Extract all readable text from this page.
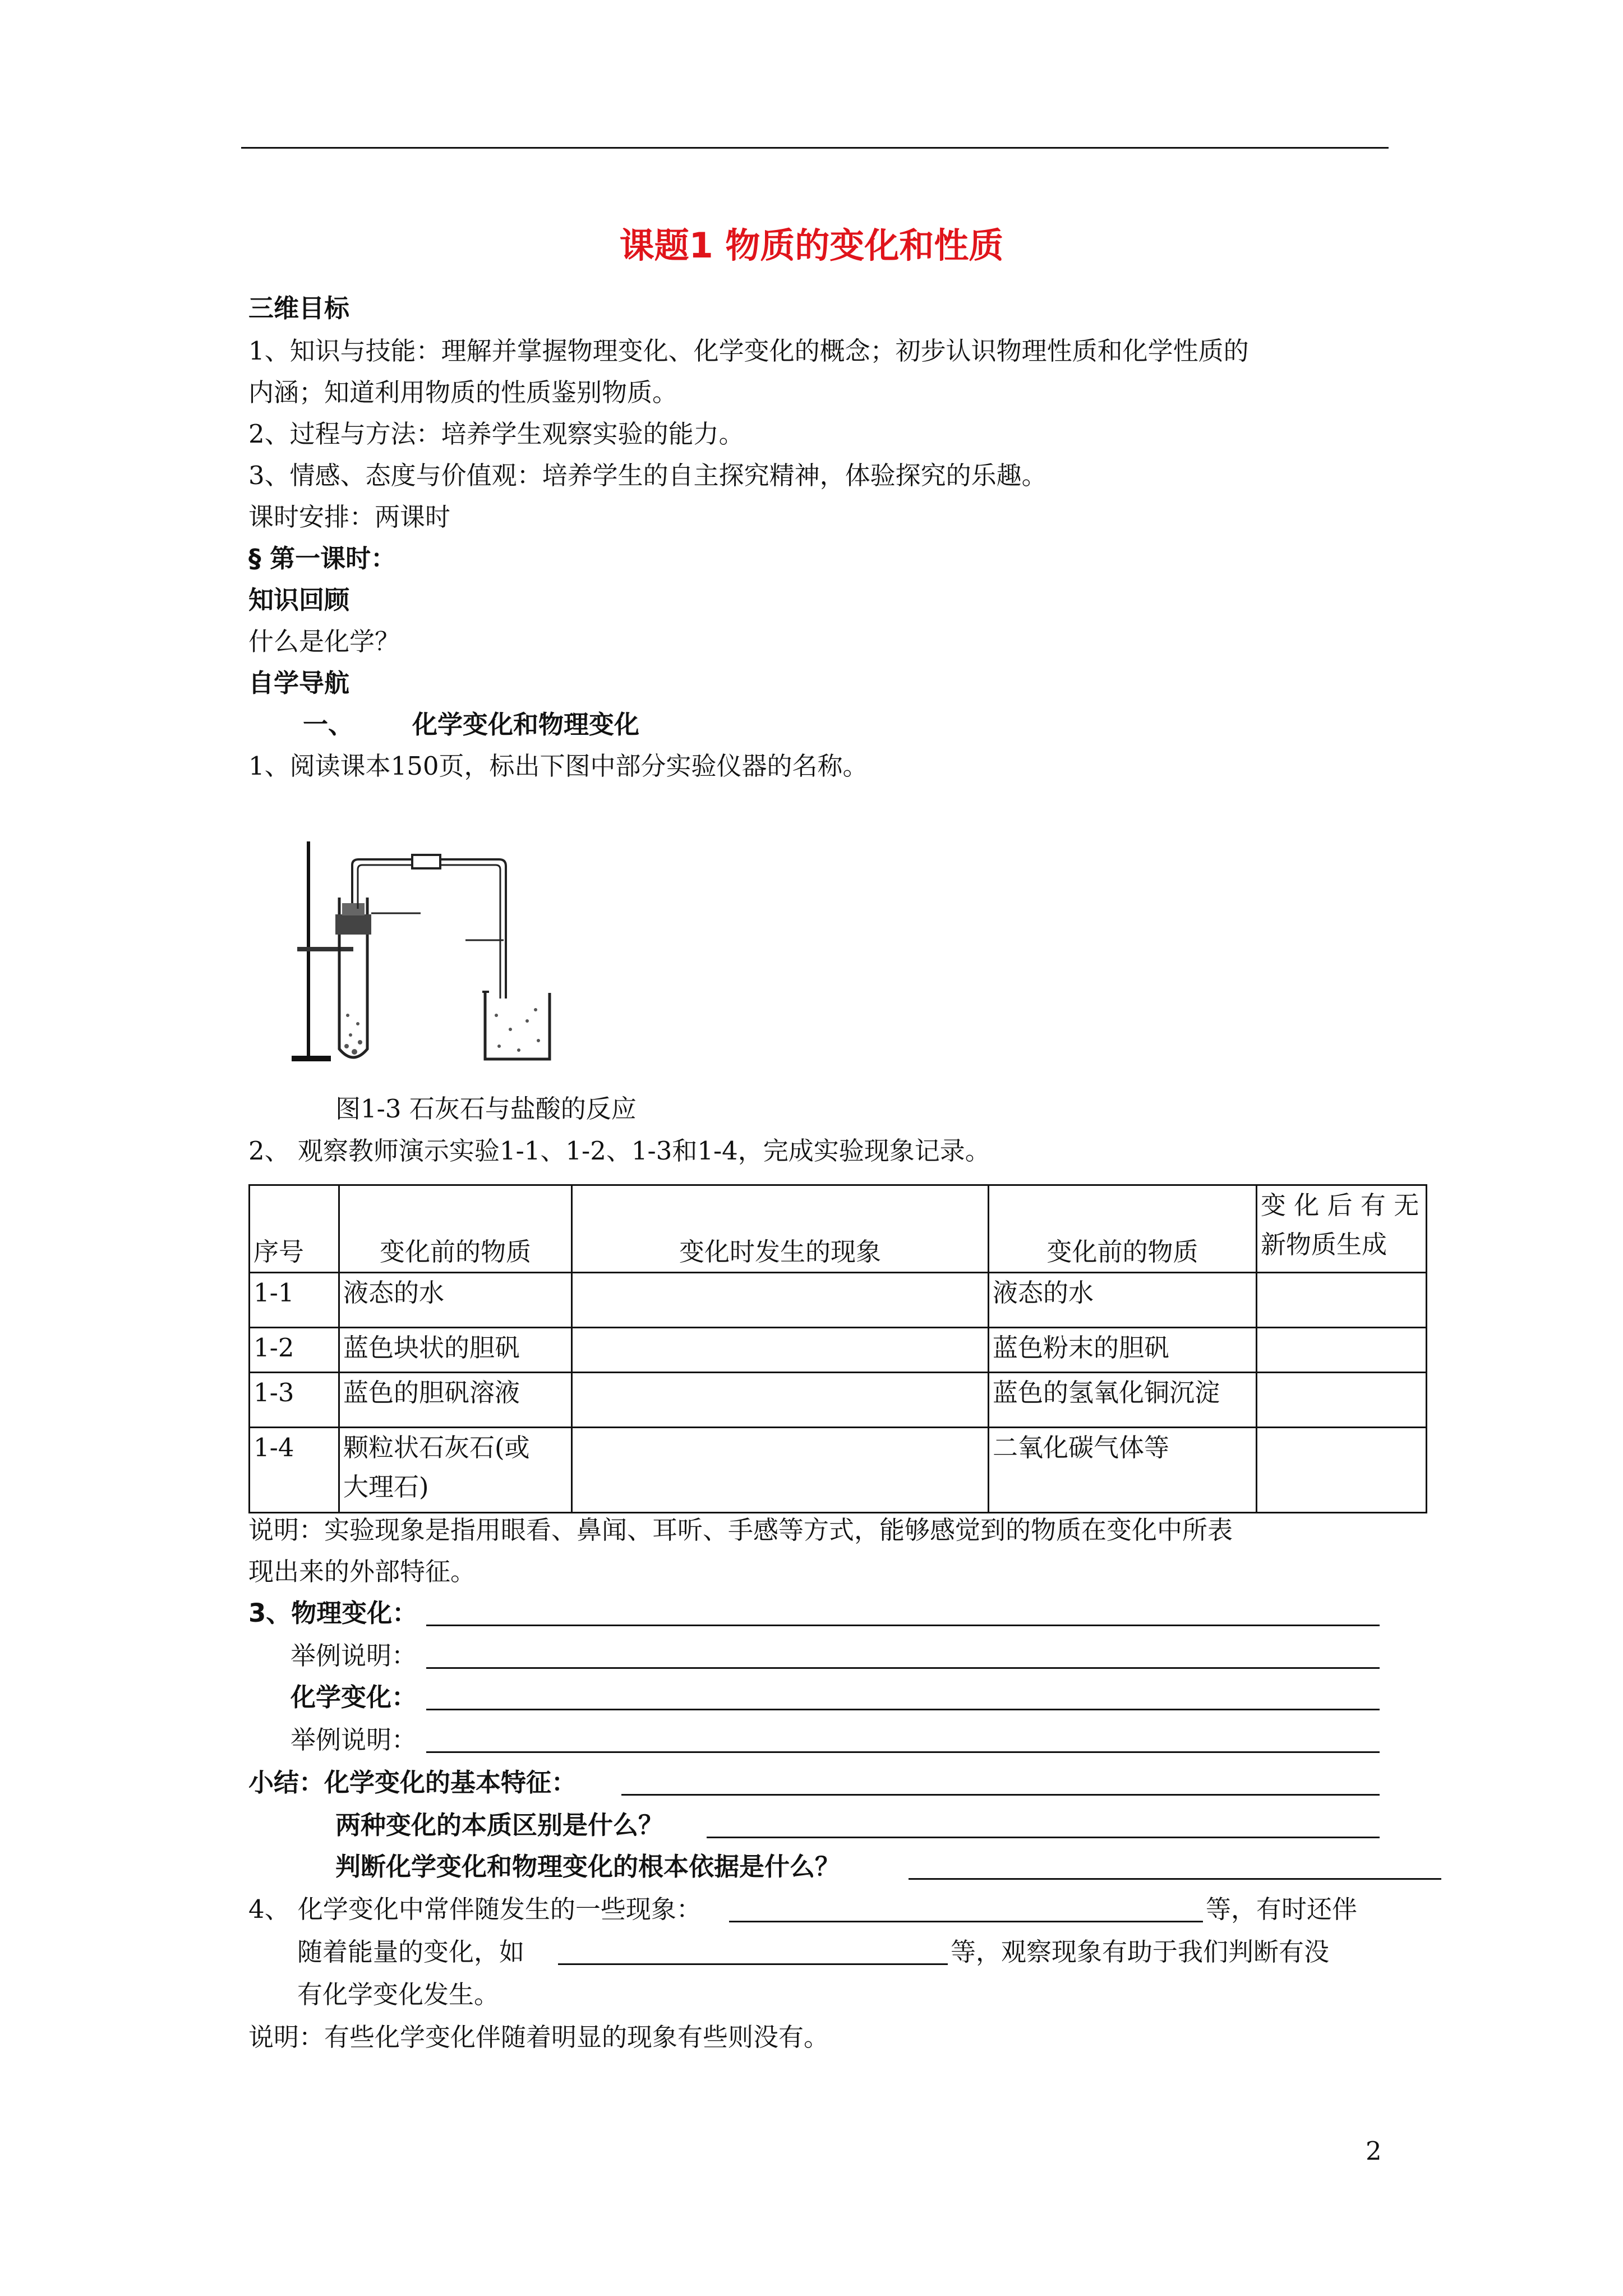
课题1 物质的变化和性质
三维目标
1、知识与技能：理解并掌握物理变化、化学变化的概念；初步认识物理性质和化学性质的
内涵；知道利用物质的性质鉴别物质。
2、过程与方法：培养学生观察实验的能力。
3、情感、态度与价值观：培养学生的自主探究精神，体验探究的乐趣。
课时安排：两课时
§ 第一课时：
知识回顾
什么是化学？
自学导航
一、 化学变化和物理变化
1、阅读课本150页，标出下图中部分实验仪器的名称。
图1-3 石灰石与盐酸的反应
2、 观察教师演示实验1-1、1-2、1-3和1-4，完成实验现象记录。
序号	变化前的物质	变化时发生的现象	变化前的物质	变 化 后 有 无
新物质生成

1-1	液态的水		液态的水	
1-2	蓝色块状的胆矾		蓝色粉末的胆矾	
1-3	蓝色的胆矾溶液		蓝色的氢氧化铜沉淀	
1-4	颗粒状石灰石(或
大理石)		二氧化碳气体等	
说明：实验现象是指用眼看、鼻闻、耳听、手感等方式，能够感觉到的物质在变化中所表
现出来的外部特征。
3、物理变化：
举例说明：
化学变化：
举例说明：
小结：化学变化的基本特征：
两种变化的本质区别是什么？
判断化学变化和物理变化的根本依据是什么？
4、 化学变化中常伴随发生的一些现象：	等，有时还伴
随着能量的变化，如	等，观察现象有助于我们判断有没
有化学变化发生。
说明：有些化学变化伴随着明显的现象有些则没有。
2
